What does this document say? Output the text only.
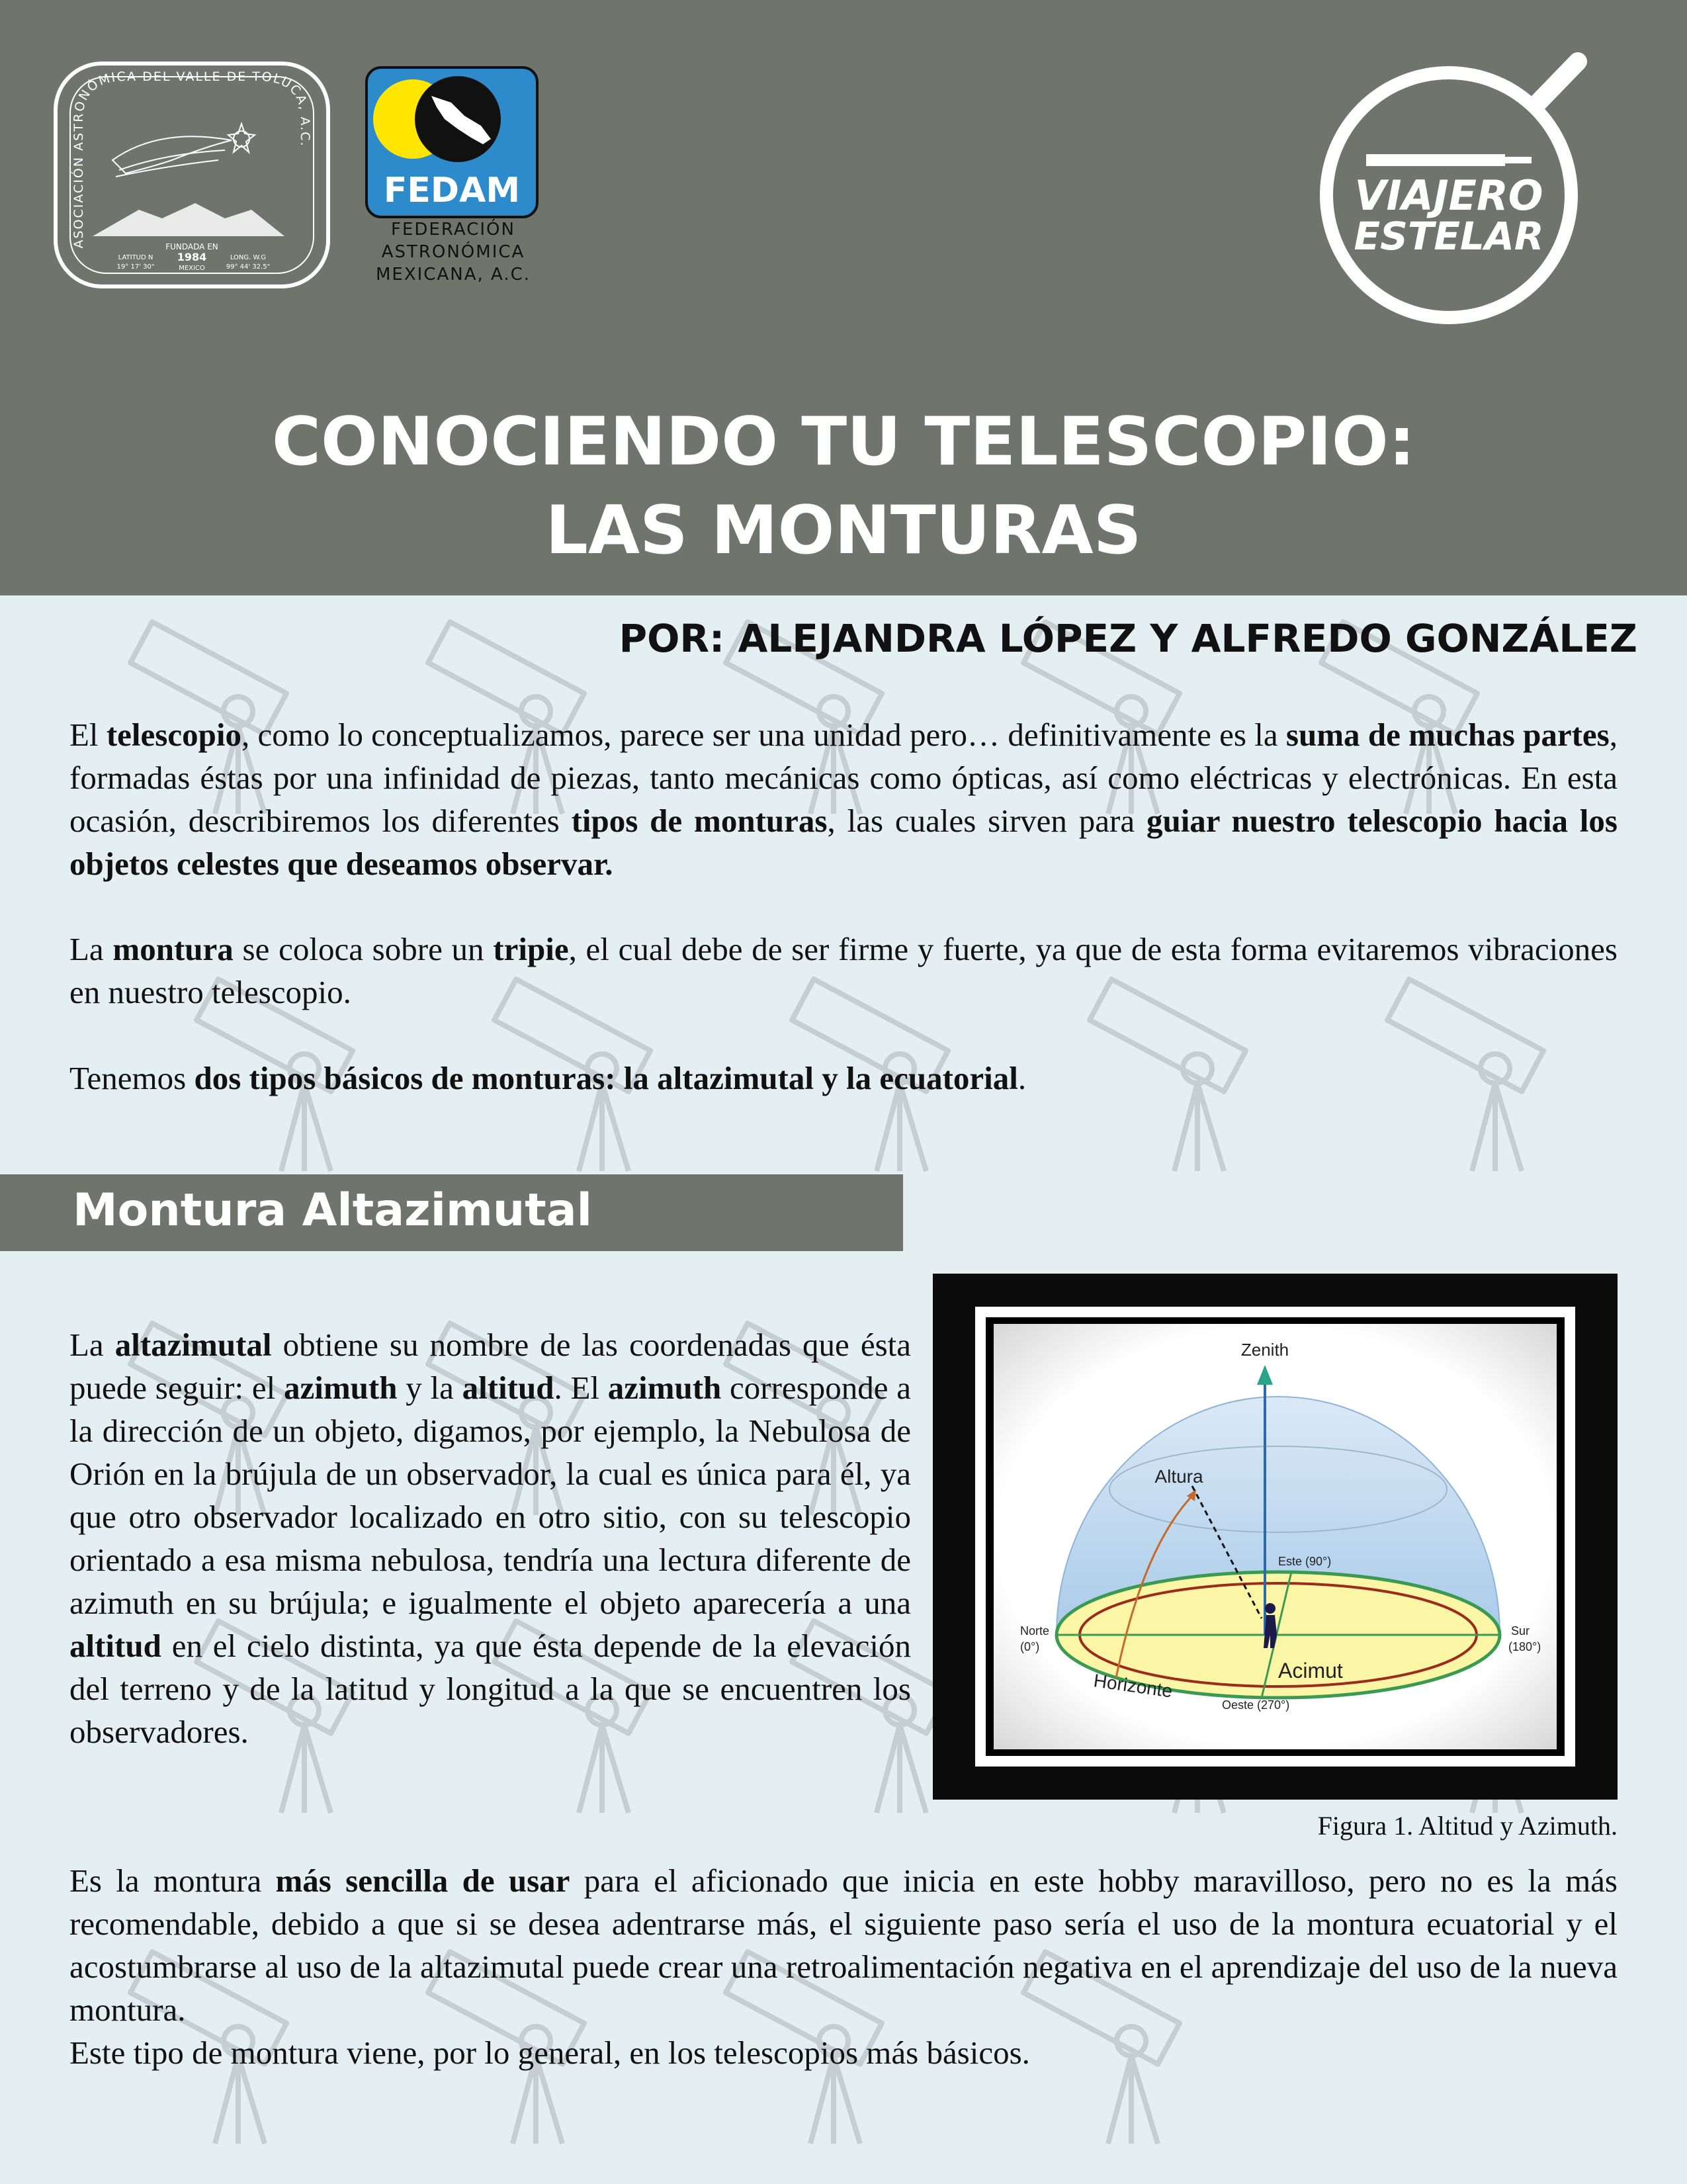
ASOCIACIÓN ASTRONÓMICA DEL VALLE DE TOLUCA, A.C.
FUNDADA EN
1984
LATITUD N
19° 17' 30"	MEXICO
LONG. W.G
99° 44' 32.5"
FEDAM
FEDERACIÓN
ASTRONÓMICA
MEXICANA, A.C.
VIAJERO
ESTELAR
CONOCIENDO TU TELESCOPIO:
LAS MONTURAS
POR: ALEJANDRA LÓPEZ Y ALFREDO GONZÁLEZ
El telescopio, como lo conceptualizamos, parece ser una unidad pero… definitivamente es la suma de muchas partes, formadas éstas por una infinidad de piezas, tanto mecánicas como ópticas, así como eléctricas y electrónicas. En esta ocasión, describiremos los diferentes tipos de monturas, las cuales sirven para guiar nuestro telescopio hacia los objetos celestes que deseamos observar.
La montura se coloca sobre un tripie, el cual debe de ser firme y fuerte, ya que de esta forma evitaremos vibraciones en nuestro telescopio.
Tenemos dos tipos básicos de monturas: la altazimutal y la ecuatorial.
Montura Altazimutal
La altazimutal obtiene su nombre de las coordenadas que ésta puede seguir: el azimuth y la altitud. El azimuth corresponde a la dirección de un objeto, digamos, por ejemplo, la Nebulosa de Orión en la brújula de un observador, la cual es única para él, ya que otro observador localizado en otro sitio, con su telescopio orientado a esa misma nebulosa, tendría una lectura diferente de azimuth en su brújula; e igualmente el objeto aparecería a una altitud en el cielo distinta, ya que ésta depende de la elevación del terreno y de la latitud y longitud a la que se encuentren los observadores.
Zenith
Altura
Este (90°)
Norte
(0°)
Sur
(180°)
Acimut
Horizonte
Oeste (270°)
Figura 1. Altitud y Azimuth.
Es la montura más sencilla de usar para el aficionado que inicia en este hobby maravilloso, pero no es la más recomendable, debido a que si se desea adentrarse más, el siguiente paso sería el uso de la montura ecuatorial y el acostumbrarse al uso de la altazimutal puede crear una retroalimentación negativa en el aprendizaje del uso de la nueva montura.
Este tipo de montura viene, por lo general, en los telescopios más básicos.
